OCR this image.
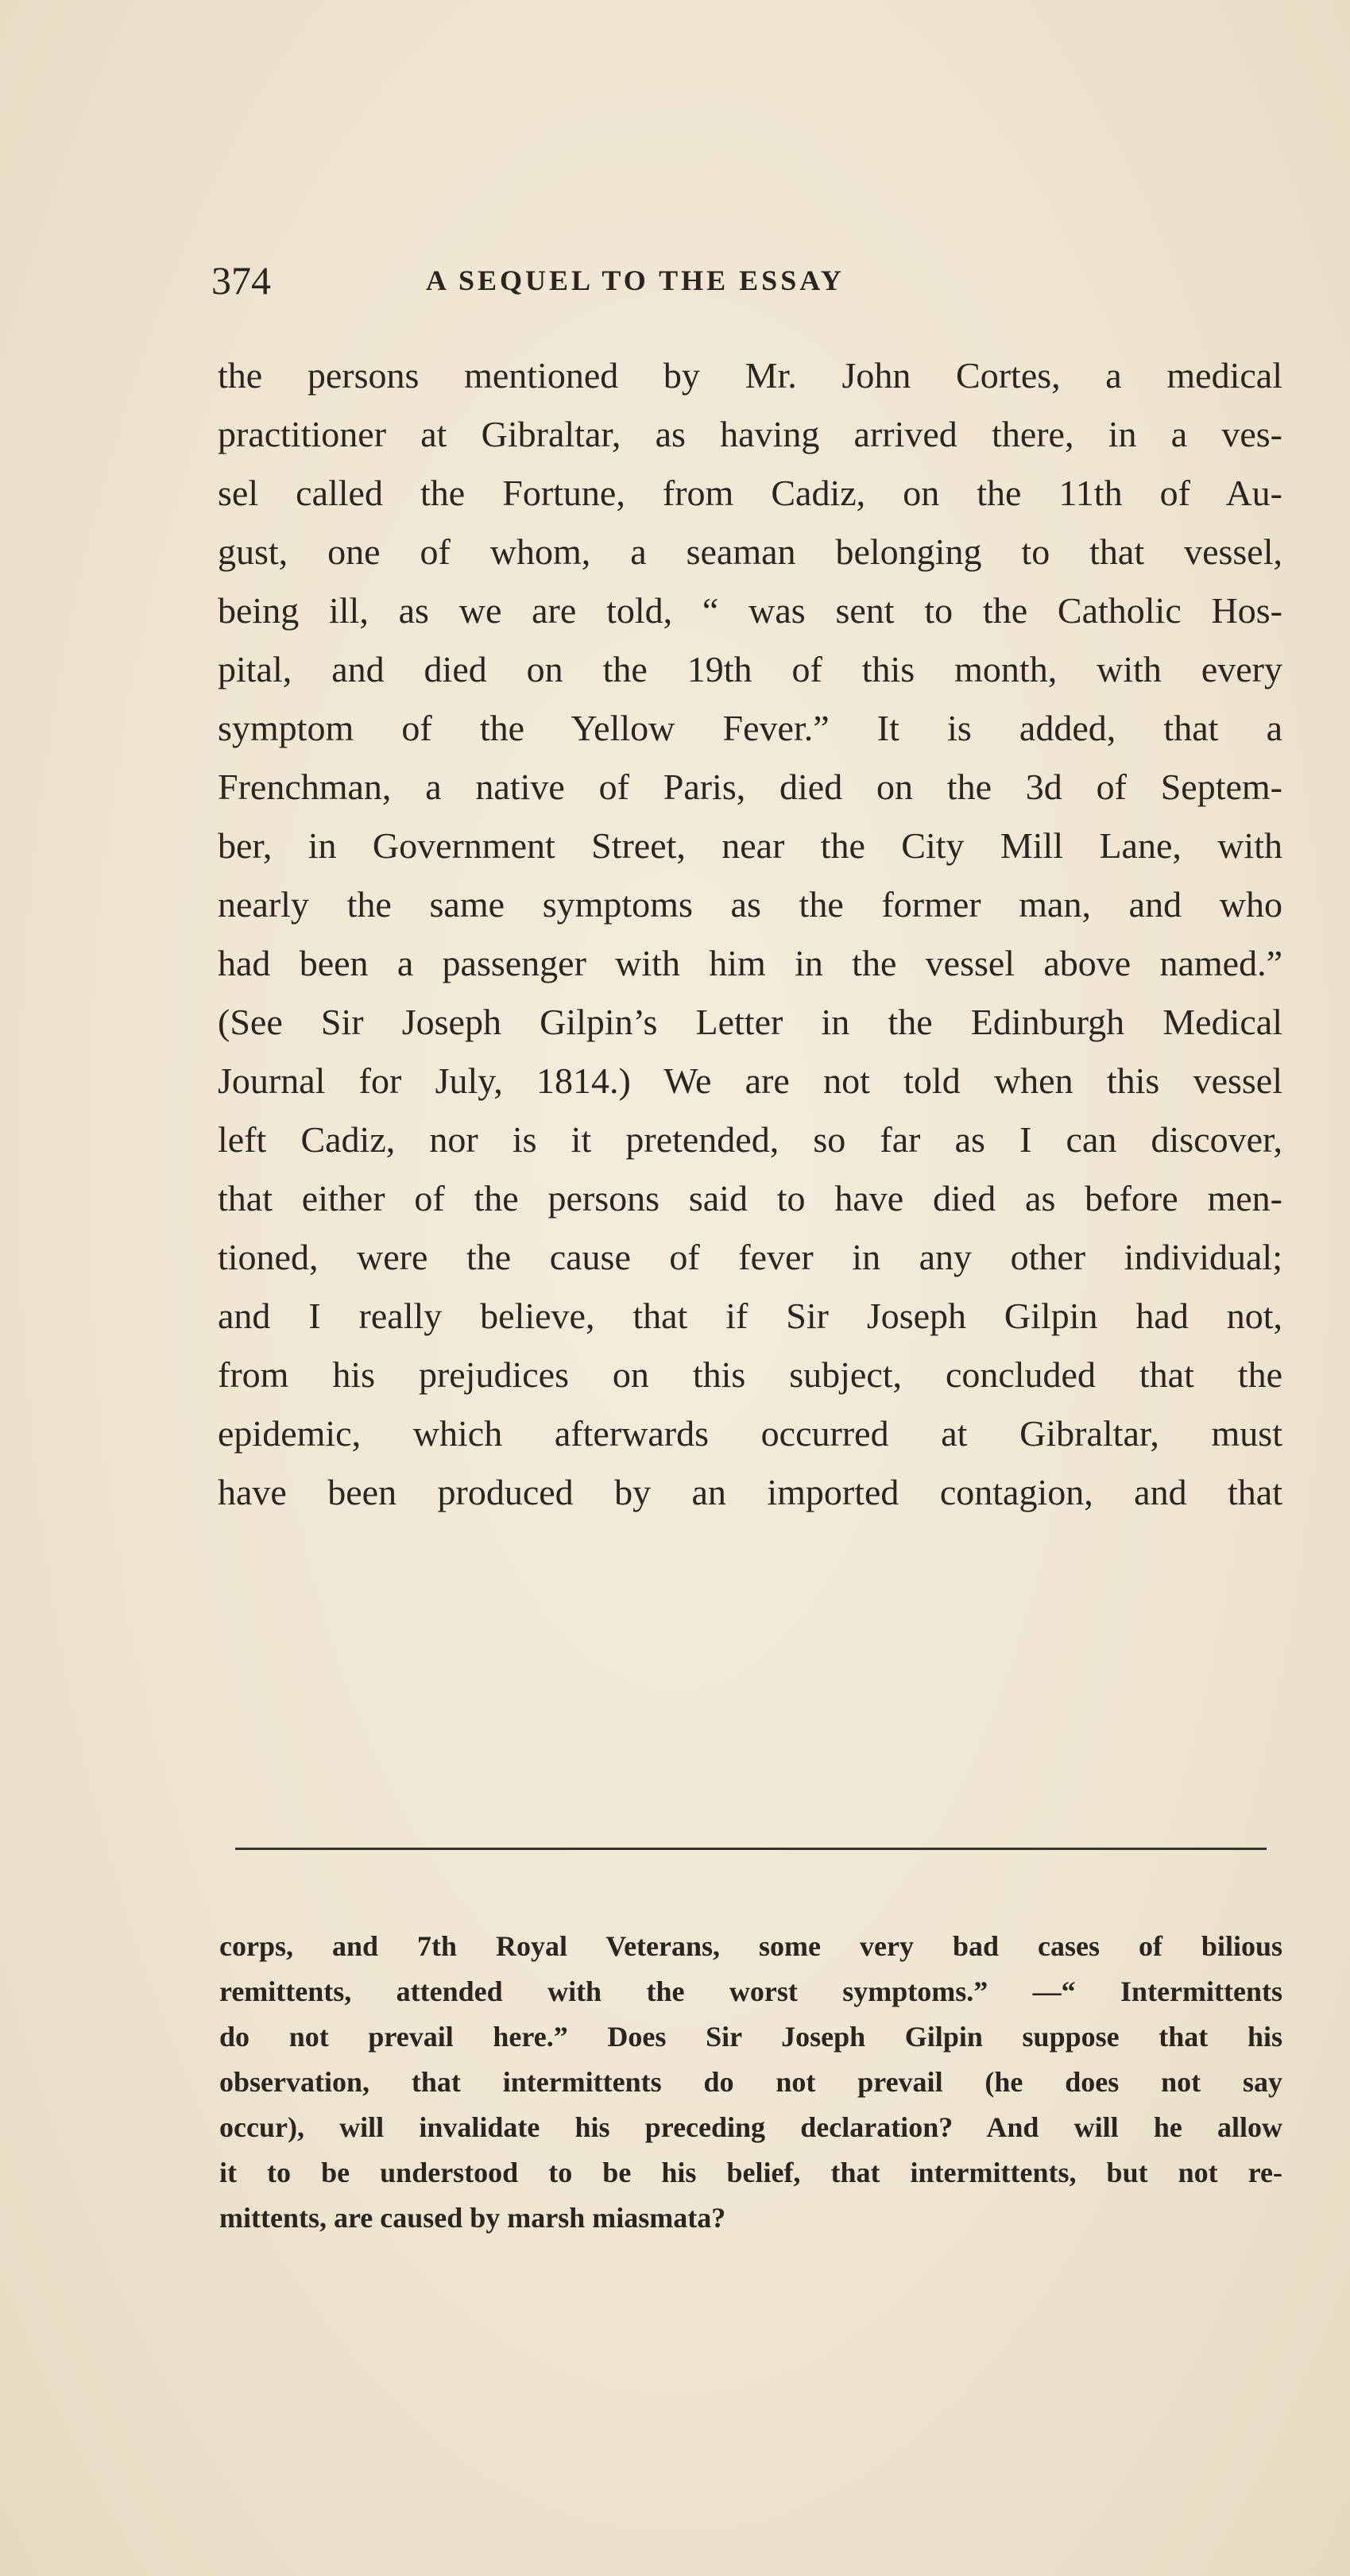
374	A SEQUEL TO THE ESSAY
the persons mentioned by Mr. John Cortes, a medical
practitioner at Gibraltar, as having arrived there, in a ves-
sel called the Fortune, from Cadiz, on the 11th of Au-
gust, one of whom, a seaman belonging to that vessel,
being ill, as we are told, “ was sent to the Catholic Hos-
pital, and died on the 19th of this month, with every
symptom of the Yellow Fever.” It is added, that a
Frenchman, a native of Paris, died on the 3d of Septem-
ber, in Government Street, near the City Mill Lane, with
nearly the same symptoms as the former man, and who
had been a passenger with him in the vessel above named.”
(See Sir Joseph Gilpin’s Letter in the Edinburgh Medical
Journal for July, 1814.) We are not told when this vessel
left Cadiz, nor is it pretended, so far as I can discover,
that either of the persons said to have died as before men-
tioned, were the cause of fever in any other individual;
and I really believe, that if Sir Joseph Gilpin had not,
from his prejudices on this subject, concluded that the
epidemic, which afterwards occurred at Gibraltar, must
have been produced by an imported contagion, and that
corps, and 7th Royal Veterans, some very bad cases of bilious
remittents, attended with the worst symptoms.” —“ Intermittents
do not prevail here.” Does Sir Joseph Gilpin suppose that his
observation, that intermittents do not prevail (he does not say
occur), will invalidate his preceding declaration? And will he allow
it to be understood to be his belief, that intermittents, but not re-
mittents, are caused by marsh miasmata?
